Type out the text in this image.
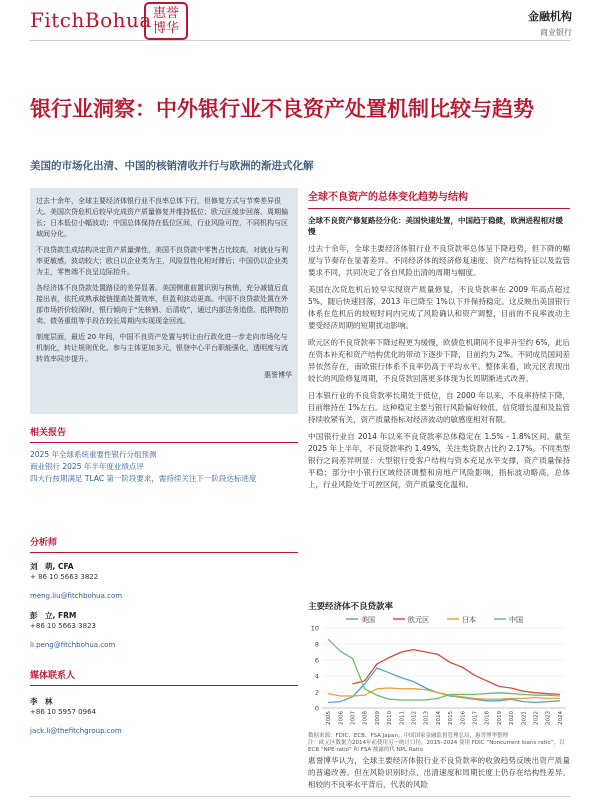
FitchBohua 惠誉
博华
金融机构
商业银行
银行业洞察：中外银行业不良资产处置机制比较与趋势
美国的市场化出清、中国的核销清收并行与欧洲的渐进式化解

过去十余年，全球主要经济体银行业不良率总体下行，但修复方式与节奏差异很大。美国次贷危机后较早完成资产质量修复并维持低位；欧元区缓步回落、周期偏长；日本低位小幅波动；中国总体保持在低位区间，行业风险可控，不同机构与区域间分化。

不良贷款生成结构决定资产质量弹性，美国不良贷款中零售占比较高，对就业与利率更敏感，波动较大；欧日以企业类为主，风险显性化相对滞后；中国仍以企业类为主，零售端不良呈边际抬升。

各经济体不良贷款处置路径的差异显著。美国侧重前置识别与核销，充分减值后直接出表，依托成熟承接链提高处置效率，但盈利波动更高。中国不良贷款处置在外部市场折价较深时，银行倾向于“先核销、后清收”，通过内部法务追偿、抵押物拍卖、债务重组等手段在较长周期内实现现金回流。

制度层面，最近 20 年间，中国不良资产处置与转让由行政化进一步走向市场化与机制化，转让规则优化、参与主体更加多元，银登中心平台职能强化，透明度与流转效率同步提升。

惠誉博华
相关报告
2025 年全球系统重要性银行分组预测
商业银行 2025 年半年度业绩点评
四大行按期满足 TLAC 第一阶段要求，需持续关注下一阶段达标进度
分析师
刘　萌, CFA
+ 86 10 5663 3822
meng.liu@fitchbohua.com
彭　立, FRM
+86 10 5663 3823
li.peng@fitchbohua.com
媒体联系人
李　林
+86 10 5957 0964
jack.li@thefitchgroup.com
全球不良资产的总体变化趋势与结构
全球不良资产修复路径分化：美国快速处置，中国趋于稳健，欧洲进程相对缓慢

过去十余年，全球主要经济体银行业不良贷款率总体呈下降趋势，但下降的幅度与节奏存在显著差异。不同经济体的经济修复速度、资产结构特征以及监管要求不同，共同决定了各自风险出清的周期与幅度。

美国在次贷危机后较早实现资产质量修复，不良贷款率在 2009 年高点超过 5%，随后快速回落，2013 年已降至 1%以下并保持稳定。这反映出美国银行体系在危机后的较短时间内完成了风险确认和资产调整，目前的不良率波动主要受经济周期的短期扰动影响。

欧元区的不良贷款率下降过程更为缓慢，欧债危机期间不良率升至约 6%，此后在资本补充和资产结构优化的带动下逐步下降，目前约为 2%。不同成员国间差异依然存在，南欧银行体系不良率仍高于平均水平。整体来看，欧元区表现出较长的风险修复周期，不良贷款回落更多体现为长周期渐进式改善。

日本银行业的不良贷款率长期处于低位，自 2000 年以来，不良率持续下降，目前维持在 1%左右。这种稳定主要与银行风险偏好较低、信贷增长温和及监管持续收紧有关，资产质量指标对经济波动的敏感度相对有限。

中国银行业自 2014 年以来不良贷款率总体稳定在 1.5% - 1.8%区间。截至 2025 年上半年，不良贷款率约 1.49%，关注类贷款占比约 2.17%。不同类型银行之间差异明显：大型银行受客户结构与资本充足水平支撑，资产质量保持平稳；部分中小银行区域经济调整和房地产风险影响，指标波动略高，总体上，行业风险处于可控区间，资产质量变化温和。

主要经济体不良贷款率
美国	欧元区	日本	中国
0
2
4
6
8
10
2005 2006 2007 2008 2009 2010 2011 2012 2013 2014 2015 2016 2017 2018 2019 2020 2021 2022 2023 2024
数据来源：FDIC、ECB、FSA Japan、中国国家金融监督管理总局，惠誉博华整理
注：欧元区数据为2014年前使用另一统计口径，2015–2024 使用 FDIC “Noncurrent loans ratio”，以 ECB “NPE ratio” 和 FSA 披露的代 NPL Ratio
惠誉博华认为，全球主要经济体银行业不良贷款率的收敛趋势反映出资产质量的普遍改善。但在风险识别时点、出清速度和周期长度上仍存在结构性差异。相较的不良率水平背后，代表的风险
